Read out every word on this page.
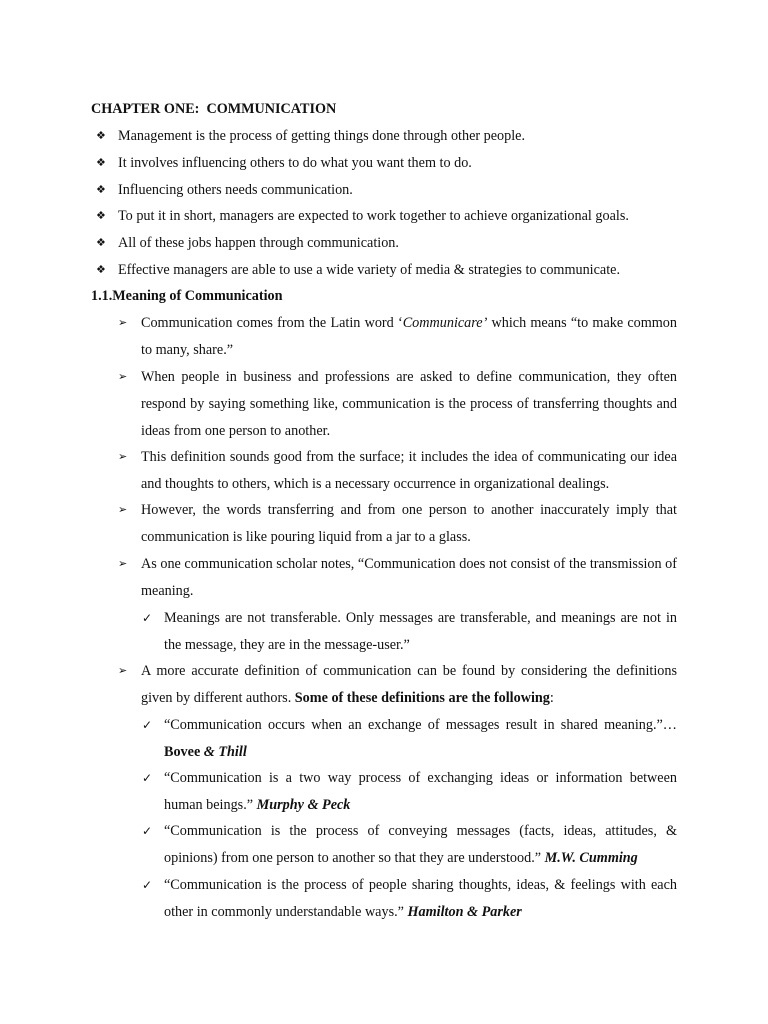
CHAPTER ONE:  COMMUNICATION
❖ Management is the process of getting things done through other people.
❖ It involves influencing others to do what you want them to do.
❖ Influencing others needs communication.
❖ To put it in short, managers are expected to work together to achieve organizational goals.
❖ All of these jobs happen through communication.
❖ Effective managers are able to use a wide variety of media & strategies to communicate.
1.1.Meaning of Communication
➢ Communication comes from the Latin word ‘Communicare’ which means “to make common to many, share.”
➢ When people in business and professions are asked to define communication, they often respond by saying something like, communication is the process of transferring thoughts and ideas from one person to another.
➢ This definition sounds good from the surface; it includes the idea of communicating our idea and thoughts to others, which is a necessary occurrence in organizational dealings.
➢ However, the words transferring and from one person to another inaccurately imply that communication is like pouring liquid from a jar to a glass.
➢ As one communication scholar notes, “Communication does not consist of the transmission of meaning.
✓ Meanings are not transferable. Only messages are transferable, and meanings are not in the message, they are in the message-user.”
➢ A more accurate definition of communication can be found by considering the definitions given by different authors. Some of these definitions are the following:
✓ “Communication occurs when an exchange of messages result in shared meaning.”… Bovee & Thill
✓ “Communication is a two way process of exchanging ideas or information between human beings.” Murphy & Peck
✓ “Communication is the process of conveying messages (facts, ideas, attitudes, & opinions) from one person to another so that they are understood.” M.W. Cumming
✓ “Communication is the process of people sharing thoughts, ideas, & feelings with each other in commonly understandable ways.” Hamilton & Parker
